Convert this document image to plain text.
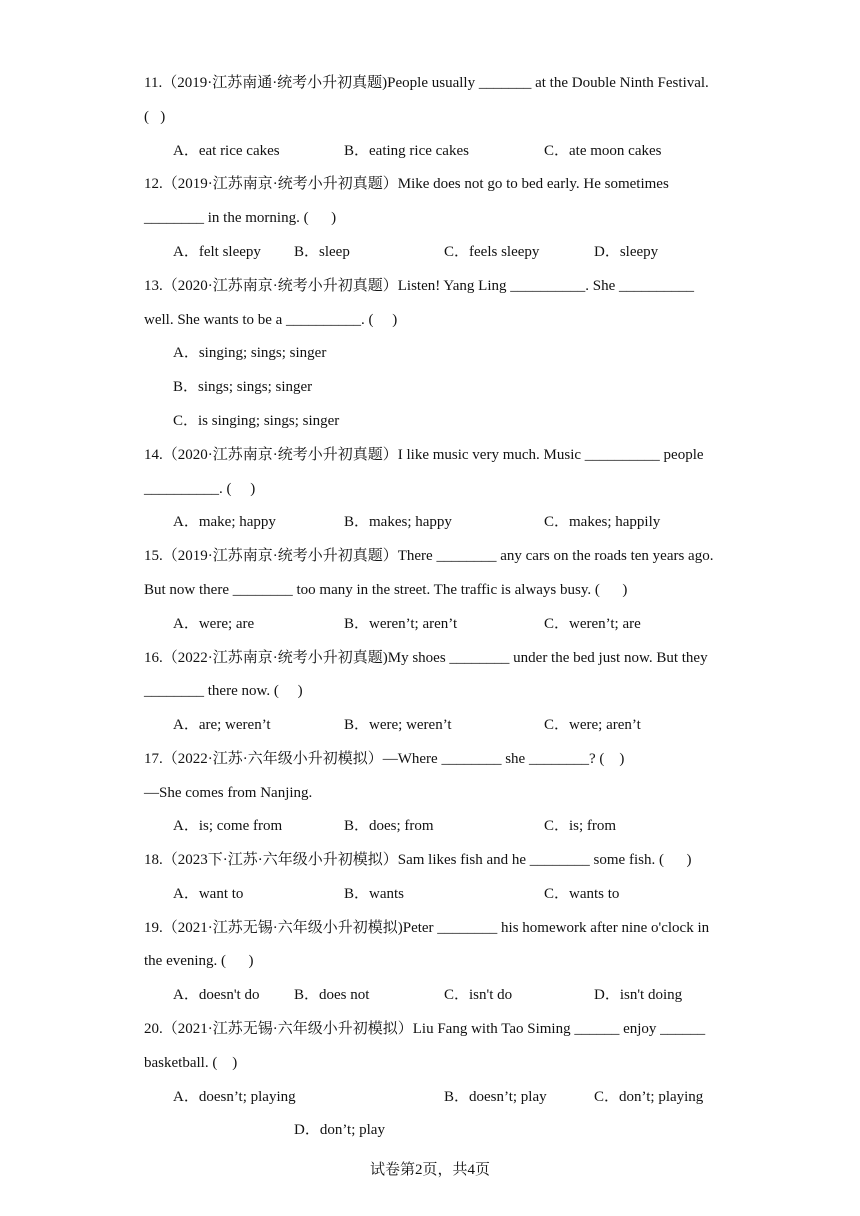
11.（2019·江苏南通·统考小升初真题)People usually _______ at the Double Ninth Festival.
(   )
A．eat rice cakes	B．eating rice cakes	C．ate moon cakes
12.（2019·江苏南京·统考小升初真题）Mike does not go to bed early. He sometimes
________ in the morning. (      )
A．felt sleepy B．sleep	C．feels sleepy	D．sleepy
13.（2020·江苏南京·统考小升初真题）Listen! Yang Ling __________. She __________
well. She wants to be a __________. (     )
A．singing; sings; singer
B．sings; sings; singer
C．is singing; sings; singer
14.（2020·江苏南京·统考小升初真题）I like music very much. Music __________ people
__________. (     )
A．make; happy	B．makes; happy	C．makes; happily
15.（2019·江苏南京·统考小升初真题）There ________ any cars on the roads ten years ago.
But now there ________ too many in the street. The traffic is always busy. (      )
A．were; are	B．weren’t; aren’t	C．weren’t; are
16.（2022·江苏南京·统考小升初真题)My shoes ________ under the bed just now. But they
________ there now. (     )
A．are; weren’t	B．were; weren’t	C．were; aren’t
17.（2022·江苏·六年级小升初模拟）—Where ________ she ________? (    )
—She comes from Nanjing.
A．is; come from	B．does; from	C．is; from
18.（2023下·江苏·六年级小升初模拟）Sam likes fish and he ________ some fish. (      )
A．want to	B．wants	C．wants to
19.（2021·江苏无锡·六年级小升初模拟)Peter ________ his homework after nine o'clock in
the evening. (      )
A．doesn't do B．does not	C．isn't do	D．isn't doing
20.（2021·江苏无锡·六年级小升初模拟）Liu Fang with Tao Siming ______ enjoy ______
basketball. (    )
A．doesn’t; playing	B．doesn’t; play	C．don’t; playing
D．don’t; play
试卷第2页，共4页
